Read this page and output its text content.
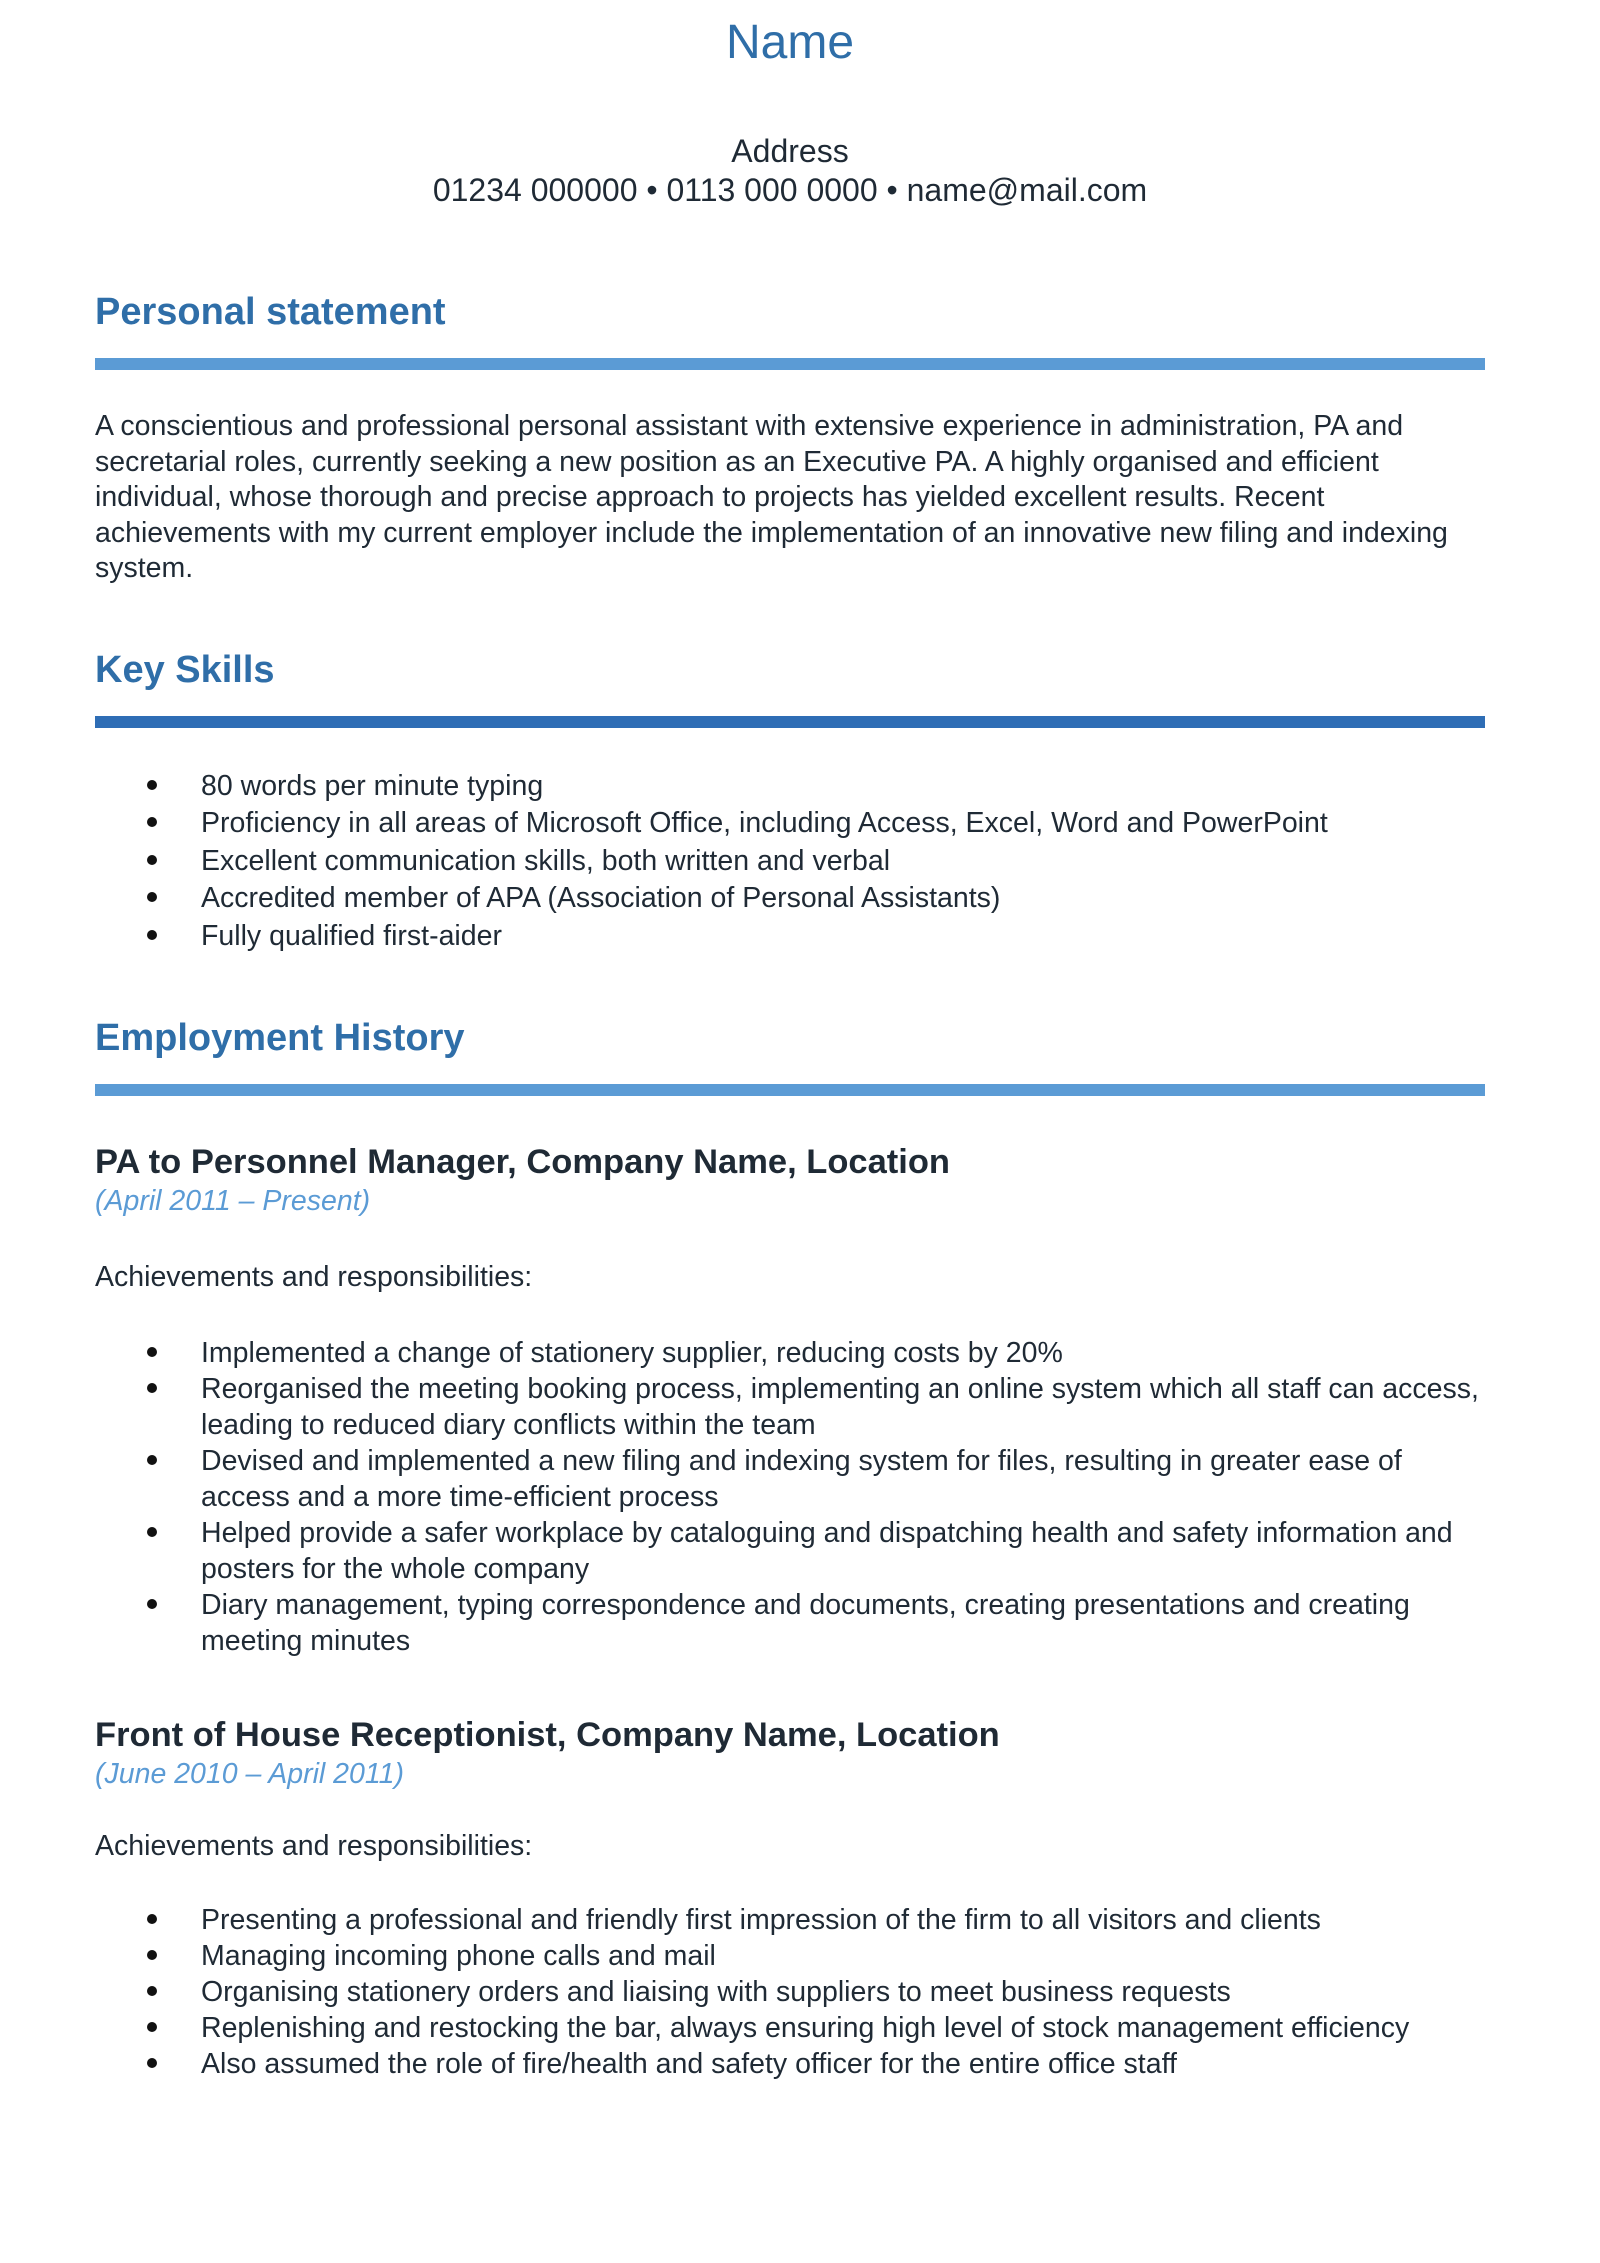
Name
Address
01234 000000 • 0113 000 0000 • name@mail.com
Personal statement

A conscientious and professional personal assistant with extensive experience in administration, PA and secretarial roles, currently seeking a new position as an Executive PA. A highly organised and efficient individual, whose thorough and precise approach to projects has yielded excellent results. Recent achievements with my current employer include the implementation of an innovative new filing and indexing system.

Key Skills
80 words per minute typing
Proficiency in all areas of Microsoft Office, including Access, Excel, Word and PowerPoint
Excellent communication skills, both written and verbal
Accredited member of APA (Association of Personal Assistants)
Fully qualified first-aider
Employment History
PA to Personnel Manager, Company Name, Location
(April 2011 – Present)
Achievements and responsibilities:
Implemented a change of stationery supplier, reducing costs by 20%
Reorganised the meeting booking process, implementing an online system which all staff can access, leading to reduced diary conflicts within the team
Devised and implemented a new filing and indexing system for files, resulting in greater ease of access and a more time-efficient process
Helped provide a safer workplace by cataloguing and dispatching health and safety information and posters for the whole company
Diary management, typing correspondence and documents, creating presentations and creating meeting minutes
Front of House Receptionist, Company Name, Location
(June 2010 – April 2011)
Achievements and responsibilities:
Presenting a professional and friendly first impression of the firm to all visitors and clients
Managing incoming phone calls and mail
Organising stationery orders and liaising with suppliers to meet business requests
Replenishing and restocking the bar, always ensuring high level of stock management efficiency
Also assumed the role of fire/health and safety officer for the entire office staff
